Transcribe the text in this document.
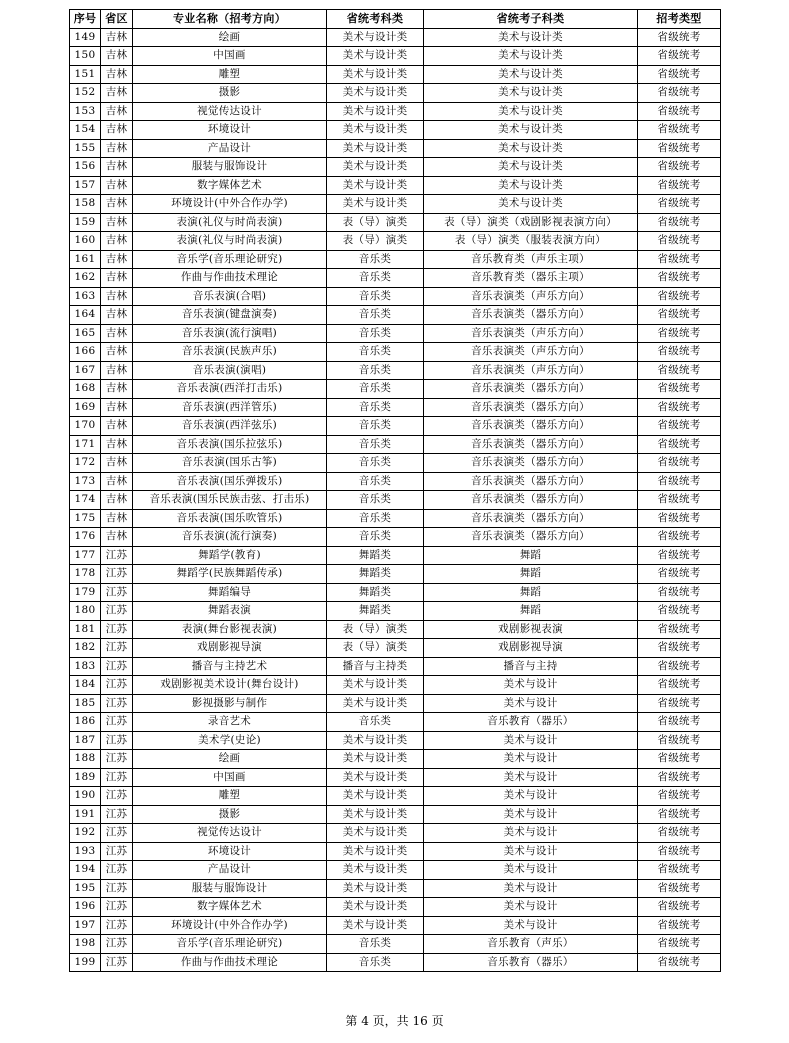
序号	省区	专业名称（招考方向）	省统考科类	省统考子科类	招考类型
149	吉林	绘画	美术与设计类	美术与设计类	省级统考
150	吉林	中国画	美术与设计类	美术与设计类	省级统考
151	吉林	雕塑	美术与设计类	美术与设计类	省级统考
152	吉林	摄影	美术与设计类	美术与设计类	省级统考
153	吉林	视觉传达设计	美术与设计类	美术与设计类	省级统考
154	吉林	环境设计	美术与设计类	美术与设计类	省级统考
155	吉林	产品设计	美术与设计类	美术与设计类	省级统考
156	吉林	服装与服饰设计	美术与设计类	美术与设计类	省级统考
157	吉林	数字媒体艺术	美术与设计类	美术与设计类	省级统考
158	吉林	环境设计(中外合作办学)	美术与设计类	美术与设计类	省级统考
159	吉林	表演(礼仪与时尚表演)	表（导）演类	表（导）演类（戏剧影视表演方向）	省级统考
160	吉林	表演(礼仪与时尚表演)	表（导）演类	表（导）演类（服装表演方向）	省级统考
161	吉林	音乐学(音乐理论研究)	音乐类	音乐教育类（声乐主项）	省级统考
162	吉林	作曲与作曲技术理论	音乐类	音乐教育类（器乐主项）	省级统考
163	吉林	音乐表演(合唱)	音乐类	音乐表演类（声乐方向）	省级统考
164	吉林	音乐表演(键盘演奏)	音乐类	音乐表演类（器乐方向）	省级统考
165	吉林	音乐表演(流行演唱)	音乐类	音乐表演类（声乐方向）	省级统考
166	吉林	音乐表演(民族声乐)	音乐类	音乐表演类（声乐方向）	省级统考
167	吉林	音乐表演(演唱)	音乐类	音乐表演类（声乐方向）	省级统考
168	吉林	音乐表演(西洋打击乐)	音乐类	音乐表演类（器乐方向）	省级统考
169	吉林	音乐表演(西洋管乐)	音乐类	音乐表演类（器乐方向）	省级统考
170	吉林	音乐表演(西洋弦乐)	音乐类	音乐表演类（器乐方向）	省级统考
171	吉林	音乐表演(国乐拉弦乐)	音乐类	音乐表演类（器乐方向）	省级统考
172	吉林	音乐表演(国乐古筝)	音乐类	音乐表演类（器乐方向）	省级统考
173	吉林	音乐表演(国乐弹拨乐)	音乐类	音乐表演类（器乐方向）	省级统考
174	吉林	音乐表演(国乐民族击弦、打击乐)	音乐类	音乐表演类（器乐方向）	省级统考
175	吉林	音乐表演(国乐吹管乐)	音乐类	音乐表演类（器乐方向）	省级统考
176	吉林	音乐表演(流行演奏)	音乐类	音乐表演类（器乐方向）	省级统考
177	江苏	舞蹈学(教育)	舞蹈类	舞蹈	省级统考
178	江苏	舞蹈学(民族舞蹈传承)	舞蹈类	舞蹈	省级统考
179	江苏	舞蹈编导	舞蹈类	舞蹈	省级统考
180	江苏	舞蹈表演	舞蹈类	舞蹈	省级统考
181	江苏	表演(舞台影视表演)	表（导）演类	戏剧影视表演	省级统考
182	江苏	戏剧影视导演	表（导）演类	戏剧影视导演	省级统考
183	江苏	播音与主持艺术	播音与主持类	播音与主持	省级统考
184	江苏	戏剧影视美术设计(舞台设计)	美术与设计类	美术与设计	省级统考
185	江苏	影视摄影与制作	美术与设计类	美术与设计	省级统考
186	江苏	录音艺术	音乐类	音乐教育（器乐）	省级统考
187	江苏	美术学(史论)	美术与设计类	美术与设计	省级统考
188	江苏	绘画	美术与设计类	美术与设计	省级统考
189	江苏	中国画	美术与设计类	美术与设计	省级统考
190	江苏	雕塑	美术与设计类	美术与设计	省级统考
191	江苏	摄影	美术与设计类	美术与设计	省级统考
192	江苏	视觉传达设计	美术与设计类	美术与设计	省级统考
193	江苏	环境设计	美术与设计类	美术与设计	省级统考
194	江苏	产品设计	美术与设计类	美术与设计	省级统考
195	江苏	服装与服饰设计	美术与设计类	美术与设计	省级统考
196	江苏	数字媒体艺术	美术与设计类	美术与设计	省级统考
197	江苏	环境设计(中外合作办学)	美术与设计类	美术与设计	省级统考
198	江苏	音乐学(音乐理论研究)	音乐类	音乐教育（声乐）	省级统考
199	江苏	作曲与作曲技术理论	音乐类	音乐教育（器乐）	省级统考
第 4 页，共 16 页
